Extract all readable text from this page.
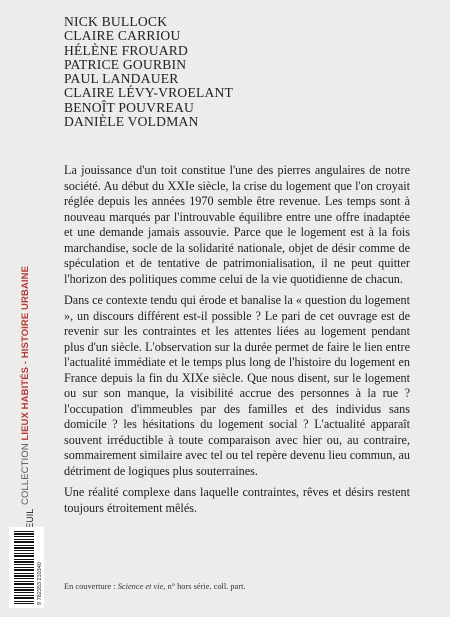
NICK BULLOCK
CLAIRE CARRIOU
HÉLÈNE FROUARD
PATRICE GOURBIN
PAUL LANDAUER
CLAIRE LÉVY-VROELANT
BENOÎT POUVREAU
DANIÈLE VOLDMAN
COLLECTION LIEUX HABITÉS - HISTOIRE URBAINE
9 782353 210340

La jouissance d'un toit constitue l'une des pierres angulaires de notre société. Au début du XXIe siècle, la crise du logement que l'on croyait réglée depuis les années 1970 semble être revenue. Les temps sont à nouveau marqués par l'introuvable équilibre entre une offre inadaptée et une demande jamais assouvie. Parce que le logement est à la fois marchandise, socle de la solidarité nationale, objet de désir comme de spéculation et de tentative de patrimonialisation, il ne peut quitter l'horizon des politiques comme celui de la vie quotidienne de chacun.

Dans ce contexte tendu qui érode et banalise la « question du logement », un discours différent est-il possible ? Le pari de cet ouvrage est de revenir sur les contraintes et les attentes liées au logement pendant plus d'un siècle. L'observation sur la durée permet de faire le lien entre l'actualité immédiate et le temps plus long de l'histoire du logement en France depuis la fin du XIXe siècle. Que nous disent, sur le logement ou sur son manque, la visibilité accrue des personnes à la rue ? l'occupation d'immeubles par des familles et des individus sans domicile ? les hésitations du logement social ? L'actualité apparaît souvent irréductible à toute comparaison avec hier ou, au contraire, sommairement similaire avec tel ou tel repère devenu lieu commun, au détriment de logiques plus souterraines.

Une réalité complexe dans laquelle contraintes, rêves et désirs restent toujours étroitement mêlés.

En couverture : Science et vie, n° hors série. coll. part.
